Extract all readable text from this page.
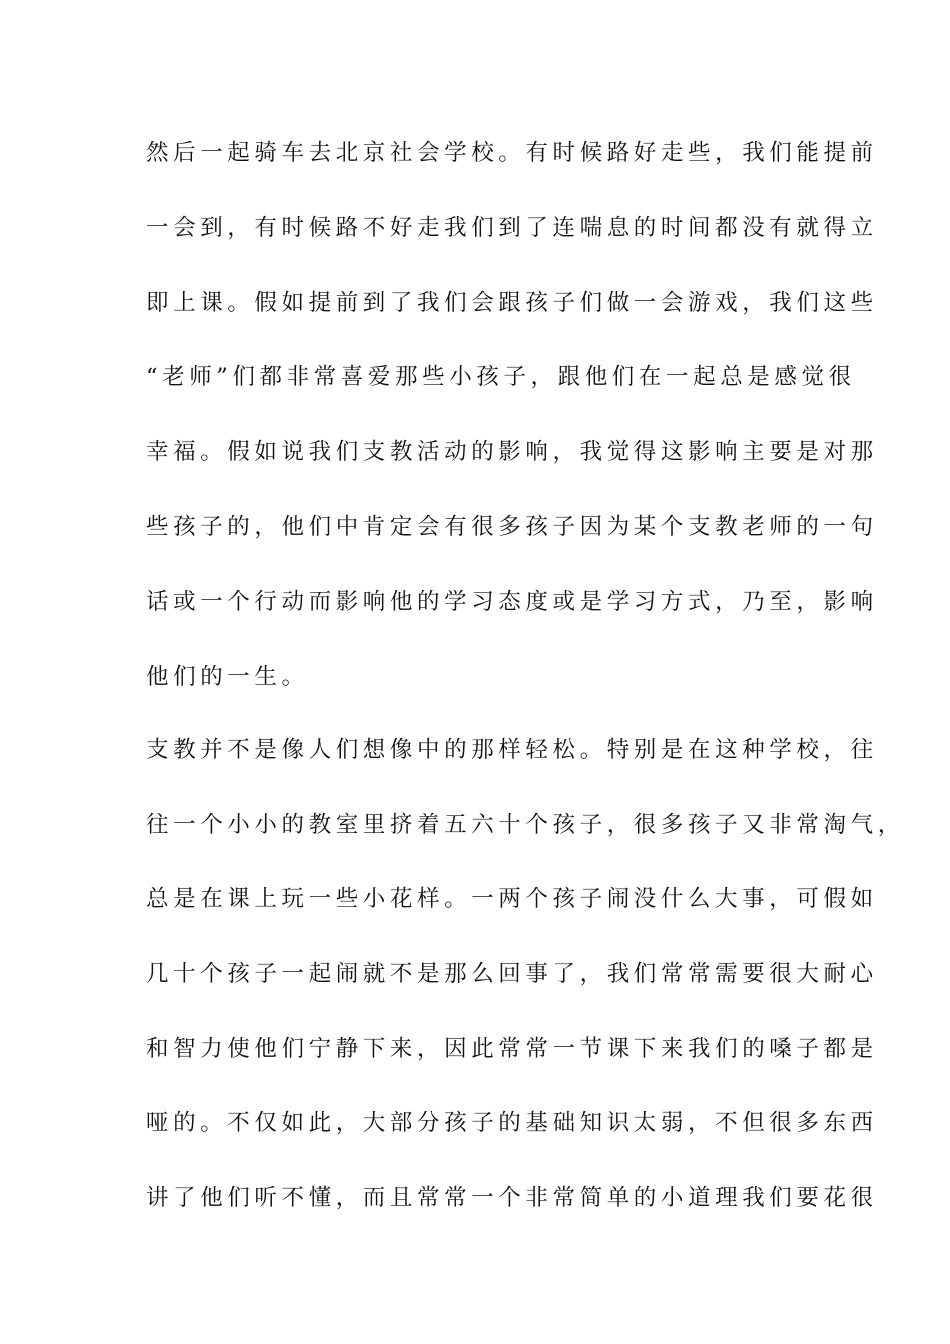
然后一起骑车去北京社会学校。有时候路好走些，我们能提前
一会到，有时候路不好走我们到了连喘息的时间都没有就得立
即上课。假如提前到了我们会跟孩子们做一会游戏，我们这些
“老师”们都非常喜爱那些小孩子，跟他们在一起总是感觉很
幸福。假如说我们支教活动的影响，我觉得这影响主要是对那
些孩子的，他们中肯定会有很多孩子因为某个支教老师的一句
话或一个行动而影响他的学习态度或是学习方式，乃至，影响
他们的一生。
支教并不是像人们想像中的那样轻松。特别是在这种学校，往
往一个小小的教室里挤着五六十个孩子，很多孩子又非常淘气，
总是在课上玩一些小花样。一两个孩子闹没什么大事，可假如
几十个孩子一起闹就不是那么回事了，我们常常需要很大耐心
和智力使他们宁静下来，因此常常一节课下来我们的嗓子都是
哑的。不仅如此，大部分孩子的基础知识太弱，不但很多东西
讲了他们听不懂，而且常常一个非常简单的小道理我们要花很
